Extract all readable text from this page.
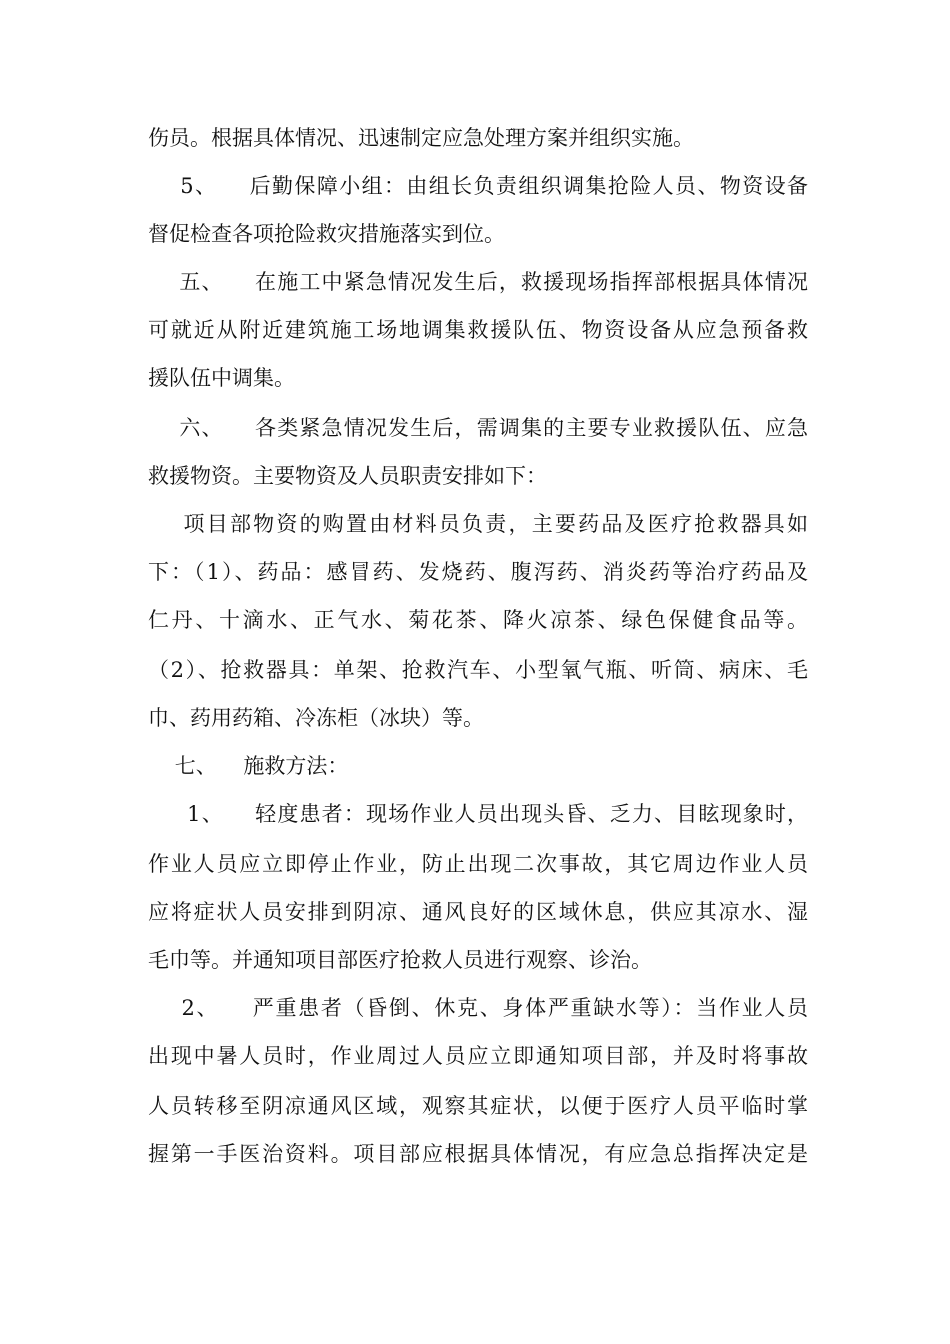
伤员。根据具体情况、迅速制定应急处理方案并组织实施。
5、    后勤保障小组：由组长负责组织调集抢险人员、物资设备
督促检查各项抢险救灾措施落实到位。
五、    在施工中紧急情况发生后，救援现场指挥部根据具体情况
可就近从附近建筑施工场地调集救援队伍、物资设备从应急预备救
援队伍中调集。
六、    各类紧急情况发生后，需调集的主要专业救援队伍、应急
救援物资。主要物资及人员职责安排如下：
项目部物资的购置由材料员负责，主要药品及医疗抢救器具如
下：（1）、药品：感冒药、发烧药、腹泻药、消炎药等治疗药品及
仁丹、十滴水、正气水、菊花茶、降火凉茶、绿色保健食品等。
（2）、抢救器具：单架、抢救汽车、小型氧气瓶、听筒、病床、毛
巾、药用药箱、冷冻柜（冰块）等。
七、    施救方法：
1、    轻度患者：现场作业人员出现头昏、乏力、目眩现象时，
作业人员应立即停止作业，防止出现二次事故，其它周边作业人员
应将症状人员安排到阴凉、通风良好的区域休息，供应其凉水、湿
毛巾等。并通知项目部医疗抢救人员进行观察、诊治。
2、    严重患者（昏倒、休克、身体严重缺水等）：当作业人员
出现中暑人员时，作业周过人员应立即通知项目部，并及时将事故
人员转移至阴凉通风区域，观察其症状，以便于医疗人员平临时掌
握第一手医治资料。项目部应根据具体情况，有应急总指挥决定是
